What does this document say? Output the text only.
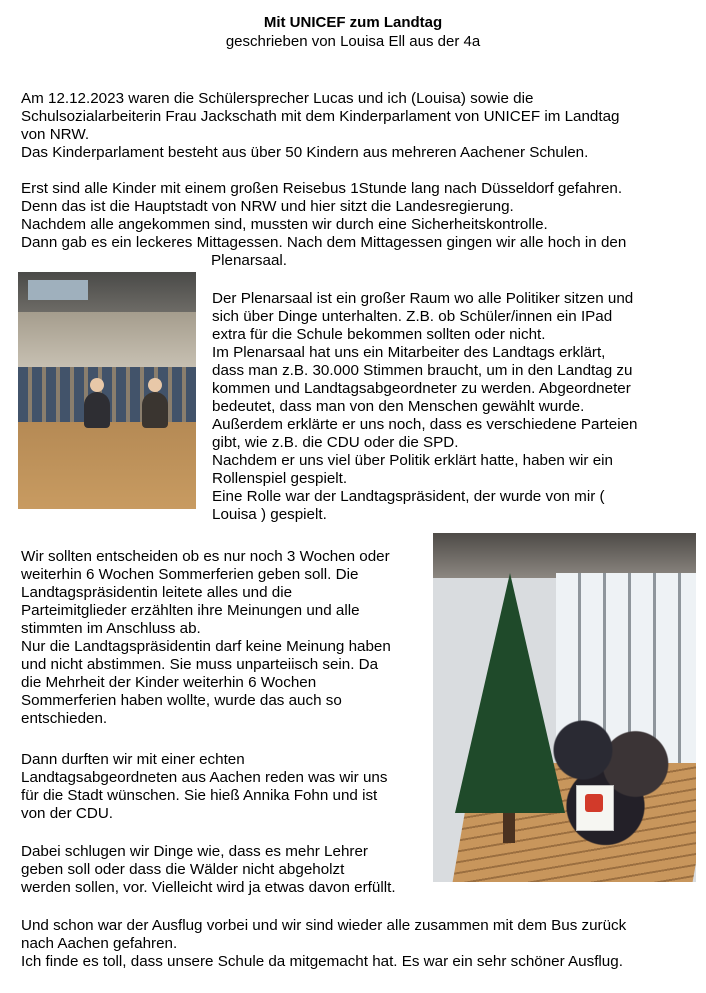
Mit UNICEF zum Landtag
geschrieben von Louisa Ell aus der 4a

Am 12.12.2023 waren die Schülersprecher Lucas und ich (Louisa) sowie die
Schulsozialarbeiterin Frau Jackschath mit dem Kinderparlament von UNICEF im Landtag
von NRW.
Das Kinderparlament besteht aus über 50 Kindern aus mehreren Aachener Schulen.

Erst sind alle Kinder mit einem großen Reisebus 1Stunde lang nach Düsseldorf gefahren.
Denn das ist die Hauptstadt von NRW und hier sitzt die Landesregierung.
Nachdem alle angekommen sind, mussten wir durch eine Sicherheitskontrolle.
Dann gab es ein leckeres Mittagessen. Nach dem Mittagessen gingen wir alle hoch in den

Plenarsaal.

Der Plenarsaal ist ein großer Raum wo alle Politiker sitzen und
sich über Dinge unterhalten. Z.B. ob Schüler/innen ein IPad
extra für die Schule bekommen sollten oder nicht.
Im Plenarsaal hat uns ein Mitarbeiter des Landtags erklärt,
dass man z.B. 30.000 Stimmen braucht, um in den Landtag zu
kommen und Landtagsabgeordneter zu werden. Abgeordneter
bedeutet, dass man von den Menschen gewählt wurde.
Außerdem erklärte er uns noch, dass es verschiedene Parteien
gibt, wie z.B. die CDU oder die SPD.
Nachdem er uns viel über Politik erklärt hatte, haben wir ein
Rollenspiel gespielt.
Eine Rolle war der Landtagspräsident, der wurde von mir (
Louisa ) gespielt.

Wir sollten entscheiden ob es nur noch 3 Wochen oder
weiterhin 6 Wochen Sommerferien geben soll. Die
Landtagspräsidentin leitete alles und die
Parteimitglieder erzählten ihre Meinungen und alle
stimmten im Anschluss ab.
Nur die Landtagspräsidentin darf keine Meinung haben
und nicht abstimmen. Sie muss unparteiisch sein. Da
die Mehrheit der Kinder weiterhin 6 Wochen
Sommerferien haben wollte, wurde das auch so
entschieden.

Dann durften wir mit einer echten
Landtagsabgeordneten aus Aachen reden was wir uns
für die Stadt wünschen. Sie hieß Annika Fohn und ist
von der CDU.

Dabei schlugen wir Dinge wie, dass es mehr Lehrer
geben soll oder dass die Wälder nicht abgeholzt
werden sollen, vor. Vielleicht wird ja etwas davon erfüllt.

Und schon war der Ausflug vorbei und wir sind wieder alle zusammen mit dem Bus zurück
nach Aachen gefahren.
Ich finde es toll, dass unsere Schule da mitgemacht hat. Es war ein sehr schöner Ausflug.
